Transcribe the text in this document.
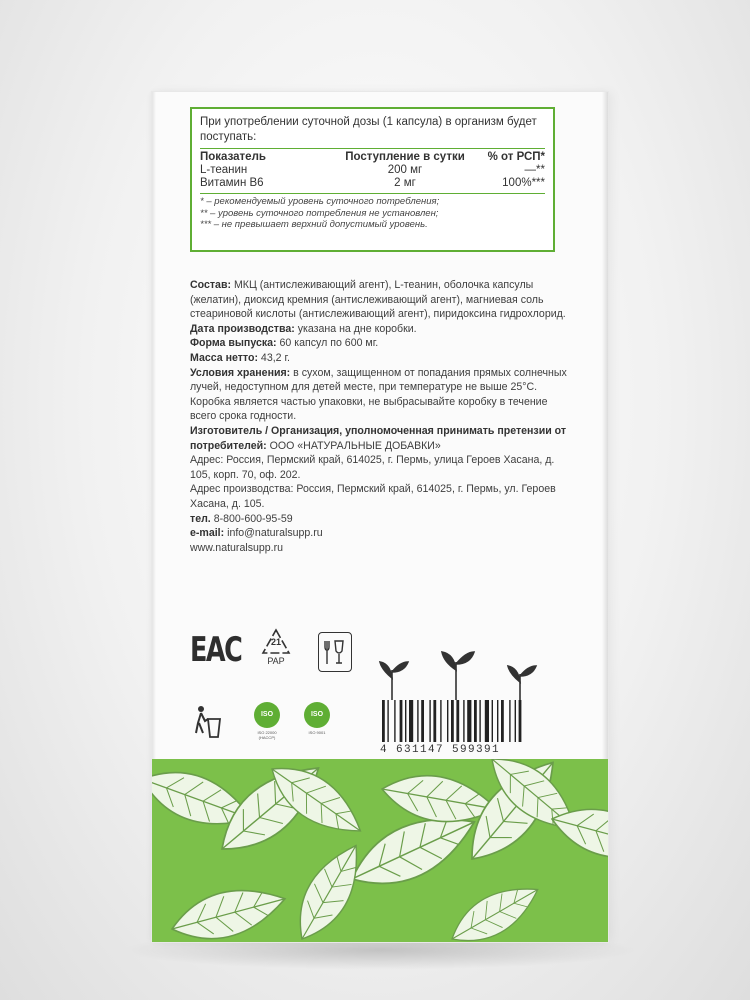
При употреблении суточной дозы (1 капсула) в организм будет поступать:

Показатель	Поступление в сутки	% от РСП*
L-теанин	200 мг	—**
Витамин В6	2 мг	100%***
* – рекомендуемый уровень суточного потребления;
** – уровень суточного потребления не установлен;
*** – не превышает верхний допустимый уровень.

Состав: МКЦ (антислеживающий агент), L-теанин, оболочка капсулы (желатин), диоксид кремния (антислеживающий агент), магниевая соль стеариновой кислоты (антислеживающий агент), пиридоксина гидрохлорид.

Дата производства: указана на дне коробки.

Форма выпуска: 60 капсул по 600 мг.

Масса нетто: 43,2 г.

Условия хранения: в сухом, защищенном от попадания прямых солнечных лучей, недоступном для детей месте, при температуре не выше 25°С.

Коробка является частью упаковки, не выбрасывайте коробку в течение всего срока годности.

Изготовитель / Организация, уполномоченная принимать претензии от потребителей: ООО «НАТУРАЛЬНЫЕ ДОБАВКИ»

Адрес: Россия, Пермский край, 614025, г. Пермь, улица Героев Хасана, д. 105, корп. 70, оф. 202.

Адрес производства: Россия, Пермский край, 614025, г. Пермь, ул. Героев Хасана, д. 105.

тел. 8-800-600-95-59

e-mail: info@naturalsupp.ru

www.naturalsupp.ru

EAC	21
PAP
ISO
ISO 22000 (HACCP)
ISO
ISO 9001
4 631147 599391
